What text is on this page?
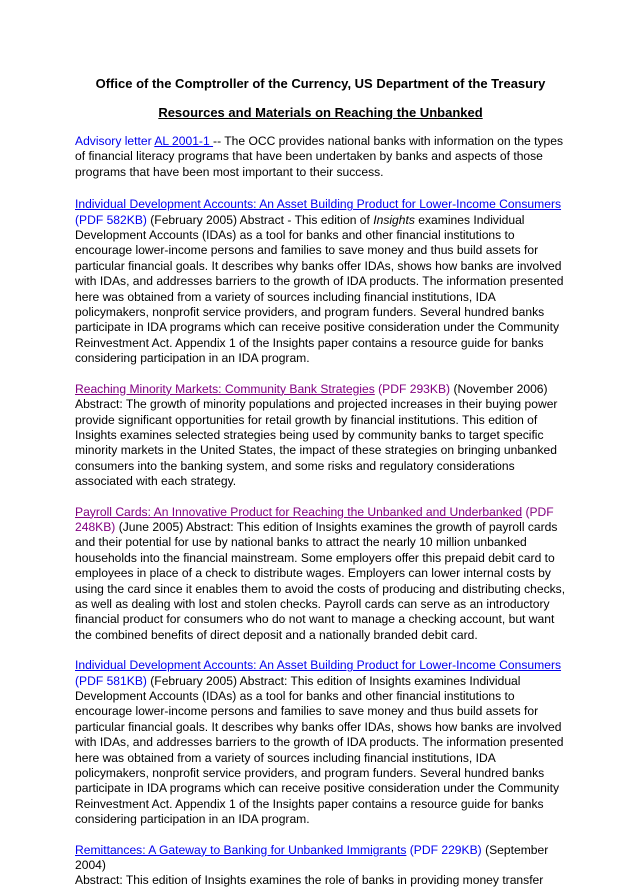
Office of the Comptroller of the Currency, US Department of the Treasury

Resources and Materials on Reaching the Unbanked

Advisory letter AL 2001-1 -- The OCC provides national banks with information on the types of financial literacy programs that have been undertaken by banks and aspects of those programs that have been most important to their success.

Individual Development Accounts: An Asset Building Product for Lower-Income Consumers
(PDF 582KB) (February 2005) Abstract - This edition of Insights examines Individual Development Accounts (IDAs) as a tool for banks and other financial institutions to encourage lower-income persons and families to save money and thus build assets for particular financial goals. It describes why banks offer IDAs, shows how banks are involved with IDAs, and addresses barriers to the growth of IDA products. The information presented here was obtained from a variety of sources including financial institutions, IDA policymakers, nonprofit service providers, and program funders. Several hundred banks participate in IDA programs which can receive positive consideration under the Community Reinvestment Act. Appendix 1 of the Insights paper contains a resource guide for banks considering participation in an IDA program.

Reaching Minority Markets: Community Bank Strategies (PDF 293KB) (November 2006)
Abstract: The growth of minority populations and projected increases in their buying power provide significant opportunities for retail growth by financial institutions. This edition of Insights examines selected strategies being used by community banks to target specific minority markets in the United States, the impact of these strategies on bringing unbanked consumers into the banking system, and some risks and regulatory considerations associated with each strategy.

Payroll Cards: An Innovative Product for Reaching the Unbanked and Underbanked (PDF 248KB) (June 2005) Abstract: This edition of Insights examines the growth of payroll cards and their potential for use by national banks to attract the nearly 10 million unbanked households into the financial mainstream. Some employers offer this prepaid debit card to employees in place of a check to distribute wages. Employers can lower internal costs by using the card since it enables them to avoid the costs of producing and distributing checks, as well as dealing with lost and stolen checks. Payroll cards can serve as an introductory financial product for consumers who do not want to manage a checking account, but want the combined benefits of direct deposit and a nationally branded debit card.

Individual Development Accounts: An Asset Building Product for Lower-Income Consumers
(PDF 581KB) (February 2005) Abstract: This edition of Insights examines Individual Development Accounts (IDAs) as a tool for banks and other financial institutions to encourage lower-income persons and families to save money and thus build assets for particular financial goals. It describes why banks offer IDAs, shows how banks are involved with IDAs, and addresses barriers to the growth of IDA products. The information presented here was obtained from a variety of sources including financial institutions, IDA policymakers, nonprofit service providers, and program funders. Several hundred banks participate in IDA programs which can receive positive consideration under the Community Reinvestment Act. Appendix 1 of the Insights paper contains a resource guide for banks considering participation in an IDA program.

Remittances: A Gateway to Banking for Unbanked Immigrants (PDF 229KB) (September 2004)
Abstract: This edition of Insights examines the role of banks in providing money transfer
